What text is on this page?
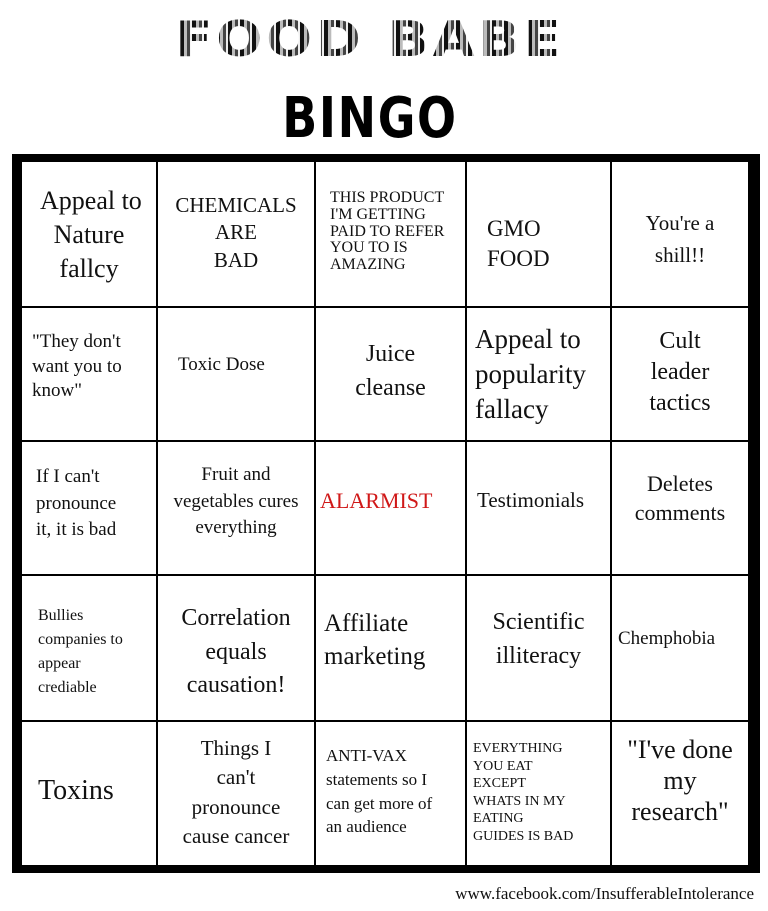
FOOD BABE
BINGO
Appeal to
Nature
fallcy
CHEMICALS
ARE
BAD
THIS PRODUCT
I'M GETTING
PAID TO REFER
YOU TO IS
AMAZING
GMO
FOOD
You're a
shill!!
"They don't
want you to
know"
Toxic Dose	Juice
cleanse
Appeal to
popularity
fallacy
Cult
leader
tactics
If I can't
pronounce
it, it is bad
Fruit and
vegetables cures
everything
ALARMIST	Testimonials
Deletes
comments
Bullies
companies to
appear
crediable
Correlation
equals
causation!
Affiliate
marketing
Scientific
illiteracy
Chemphobia
Toxins
Things I
can't
pronounce
cause cancer
ANTI-VAX
statements so I
can get more of
an audience
EVERYTHING
YOU EAT
EXCEPT
WHATS IN MY
EATING
GUIDES IS BAD
"I've done
my
research"
www.facebook.com/InsufferableIntolerance
